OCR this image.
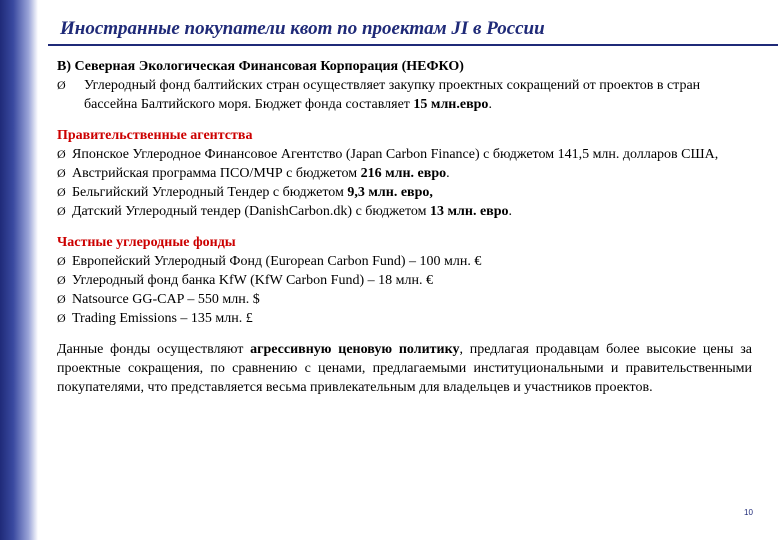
Иностранные покупатели квот по проектам JI в России
B) Северная Экологическая Финансовая Корпорация (НЕФКО)
Ø Углеродный фонд балтийских стран осуществляет закупку проектных сокращений от проектов в стран бассейна Балтийского моря. Бюджет фонда составляет 15 млн.евро.
Правительственные агентства
Ø Японское Углеродное Финансовое Агентство (Japan Carbon Finance) с бюджетом 141,5 млн. долларов США,
Ø Австрийская программа ПСО/МЧР с бюджетом 216 млн. евро.
Ø Бельгийский Углеродный Тендер с бюджетом 9,3 млн. евро,
Ø Датский Углеродный тендер (DanishCarbon.dk) с бюджетом 13 млн. евро.
Частные углеродные фонды
Ø Европейский Углеродный Фонд (European Carbon Fund) – 100 млн. €
Ø Углеродный фонд банка KfW (KfW Carbon Fund) – 18 млн. €
Ø Natsource GG-CAP – 550 млн. $
Ø Trading Emissions – 135 млн. £
Данные фонды осуществляют агрессивную ценовую политику, предлагая продавцам более высокие цены за проектные сокращения, по сравнению с ценами, предлагаемыми институциональными и правительственными покупателями, что представляется весьма привлекательным для владельцев и участников проектов.
10
